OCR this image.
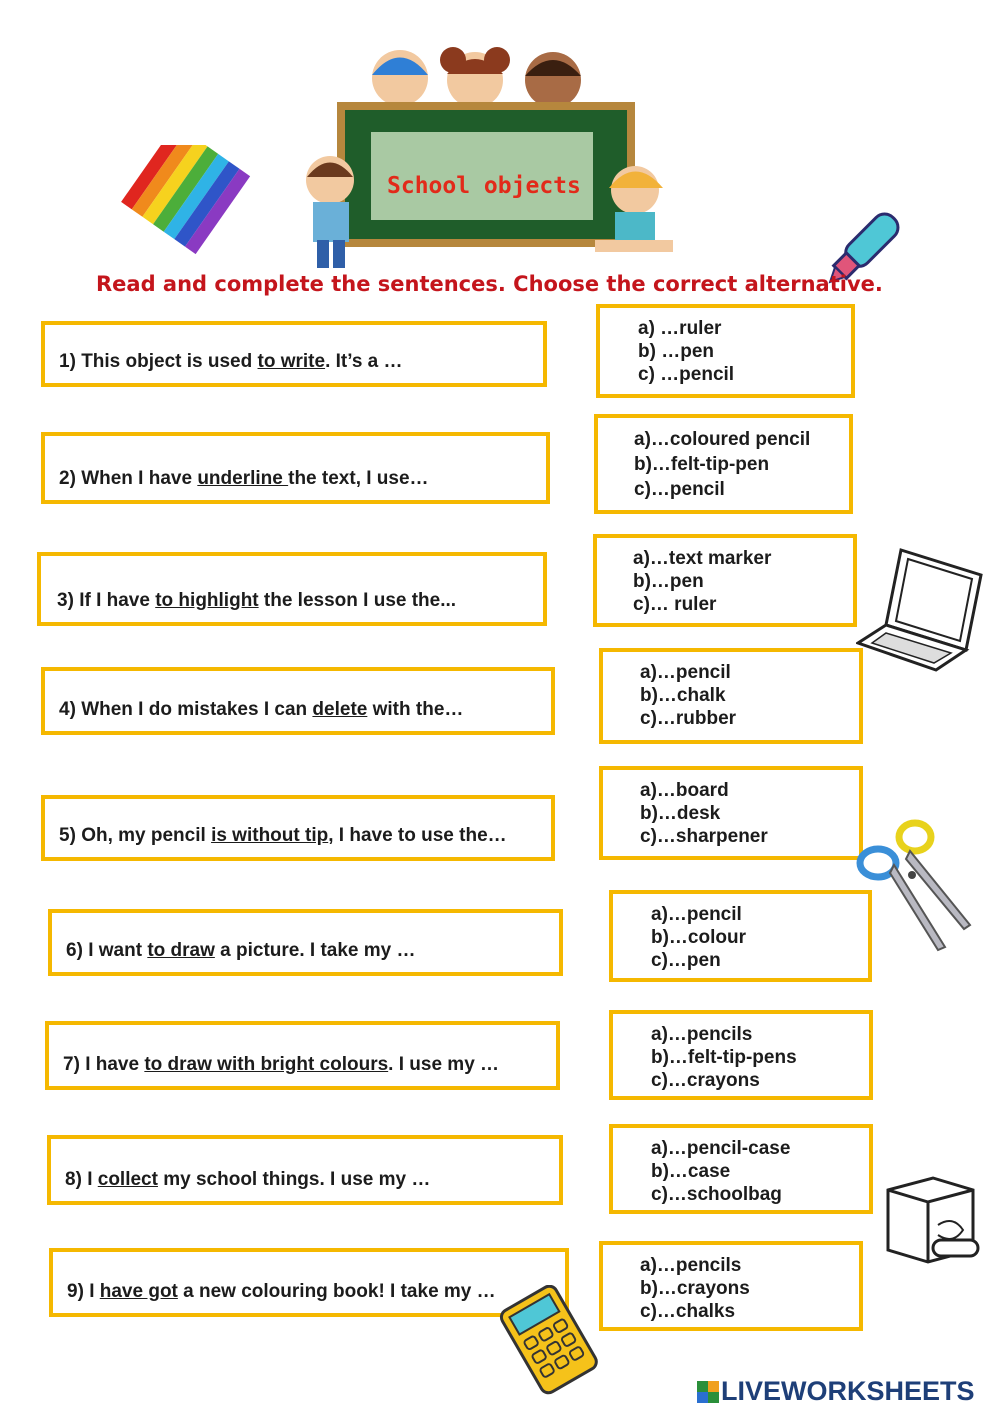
School objects
Read and complete the sentences. Choose the correct alternative.
1) This object is used to write. It’s a …
2) When I have underline the text, I use…
3) If I have to highlight the lesson I use the...
4) When I do mistakes I can delete with the…
5) Oh, my pencil is without tip, I have to use the…
6) I want to draw a picture. I take my …
7) I have to draw with bright colours. I use my …
8) I collect my school things. I use my …
9) I have got a new colouring book! I take my …
a) …ruler
b) …pen
c) …pencil
a)…coloured pencil
b)…felt-tip-pen
c)…pencil
a)…text marker
b)…pen
c)… ruler
a)…pencil
b)…chalk
c)…rubber
a)…board
b)…desk
c)…sharpener
a)…pencil
b)…colour
c)…pen
a)…pencils
b)…felt-tip-pens
c)…crayons
a)…pencil-case
b)…case
c)…schoolbag
a)…pencils
b)…crayons
c)…chalks
LIVEWORKSHEETS
